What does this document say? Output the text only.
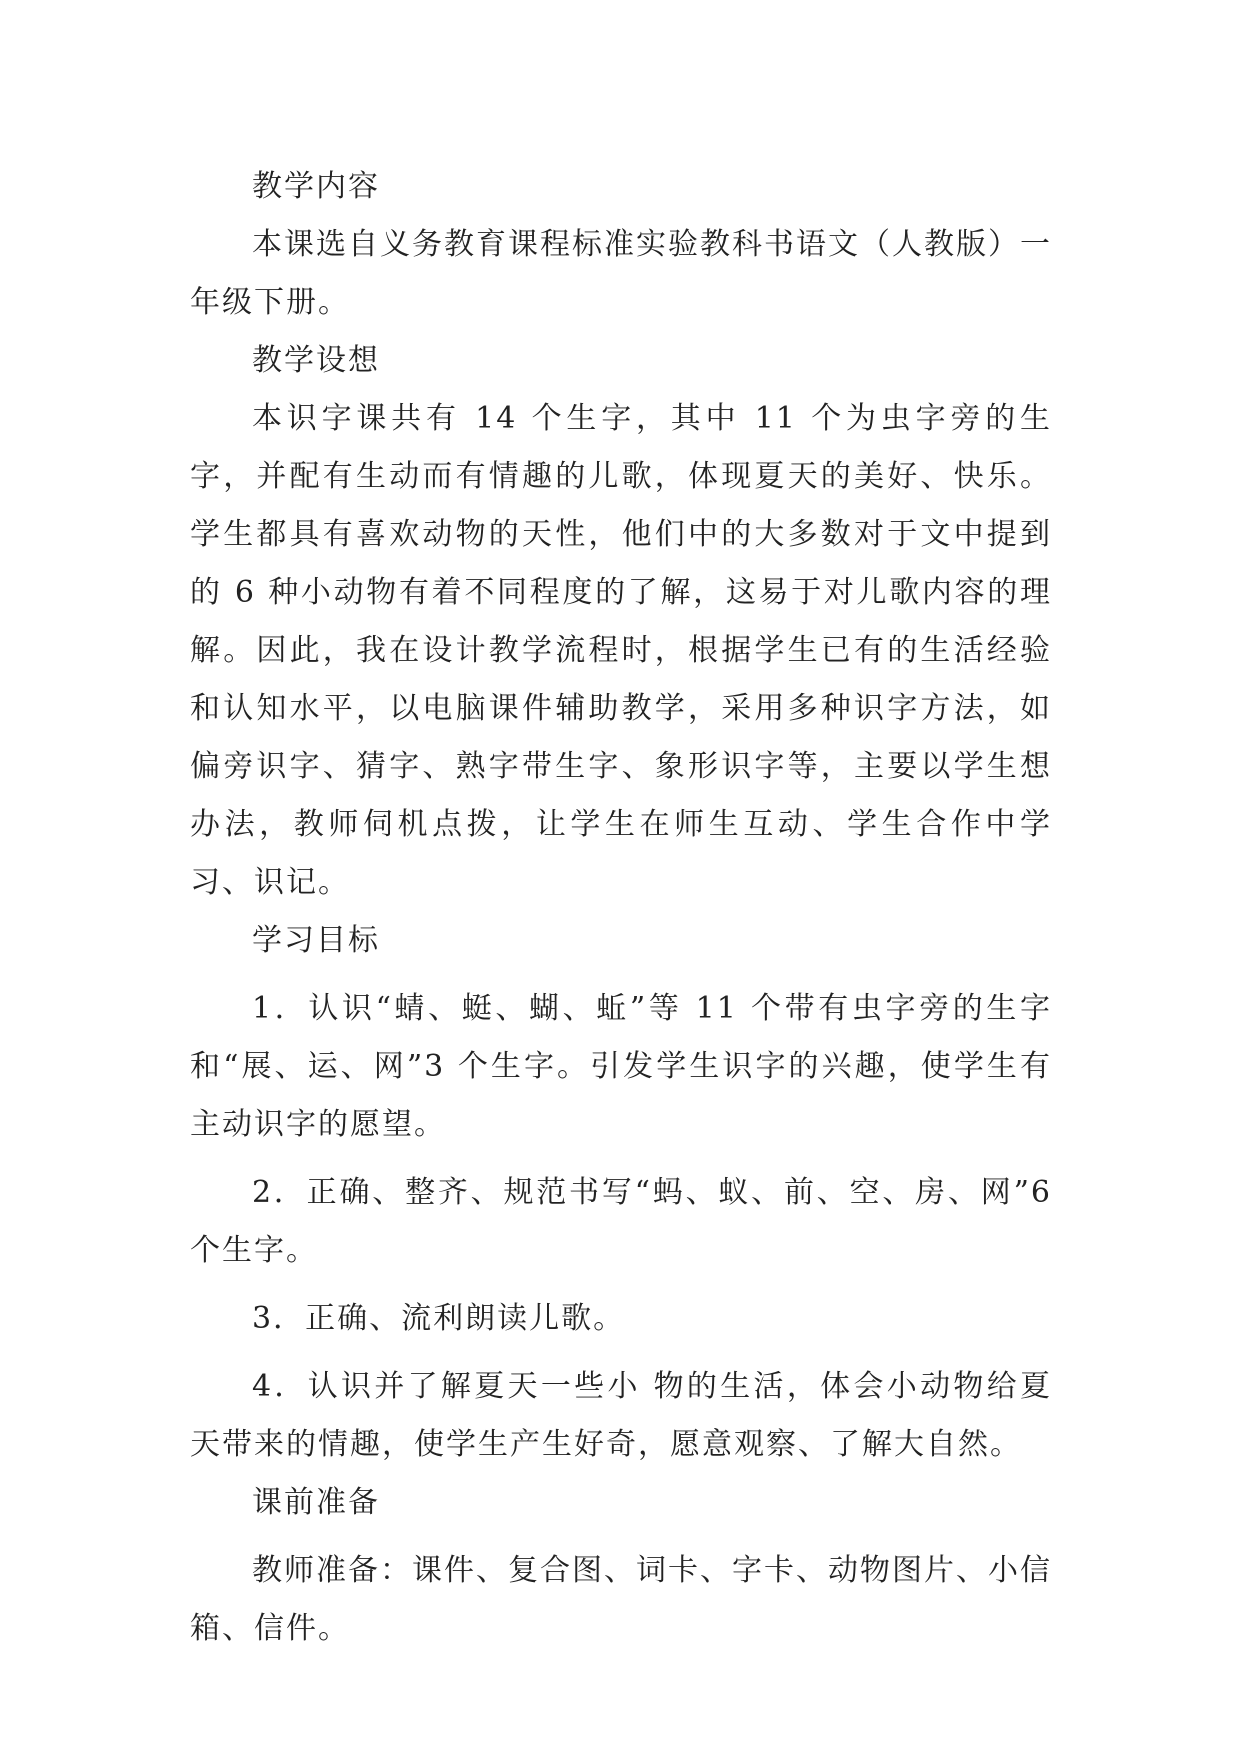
教学内容

本课选自义务教育课程标准实验教科书语文（人教版）一年级下册。

教学设想

本识字课共有 14 个生字，其中 11 个为虫字旁的生字，并配有生动而有情趣的儿歌，体现夏天的美好、快乐。学生都具有喜欢动物的天性，他们中的大多数对于文中提到的 6 种小动物有着不同程度的了解，这易于对儿歌内容的理解。因此，我在设计教学流程时，根据学生已有的生活经验和认知水平，以电脑课件辅助教学，采用多种识字方法，如偏旁识字、猜字、熟字带生字、象形识字等，主要以学生想办法，教师伺机点拨，让学生在师生互动、学生合作中学习、识记。

学习目标

1．认识“蜻、蜓、蝴、蚯”等 11 个带有虫字旁的生字和“展、运、网”3 个生字。引发学生识字的兴趣，使学生有主动识字的愿望。

2．正确、整齐、规范书写“蚂、蚁、前、空、房、网”6 个生字。

3．正确、流利朗读儿歌。

4．认识并了解夏天一些小 物的生活，体会小动物给夏天带来的情趣，使学生产生好奇，愿意观察、了解大自然。

课前准备

教师准备：课件、复合图、词卡、字卡、动物图片、小信箱、信件。
